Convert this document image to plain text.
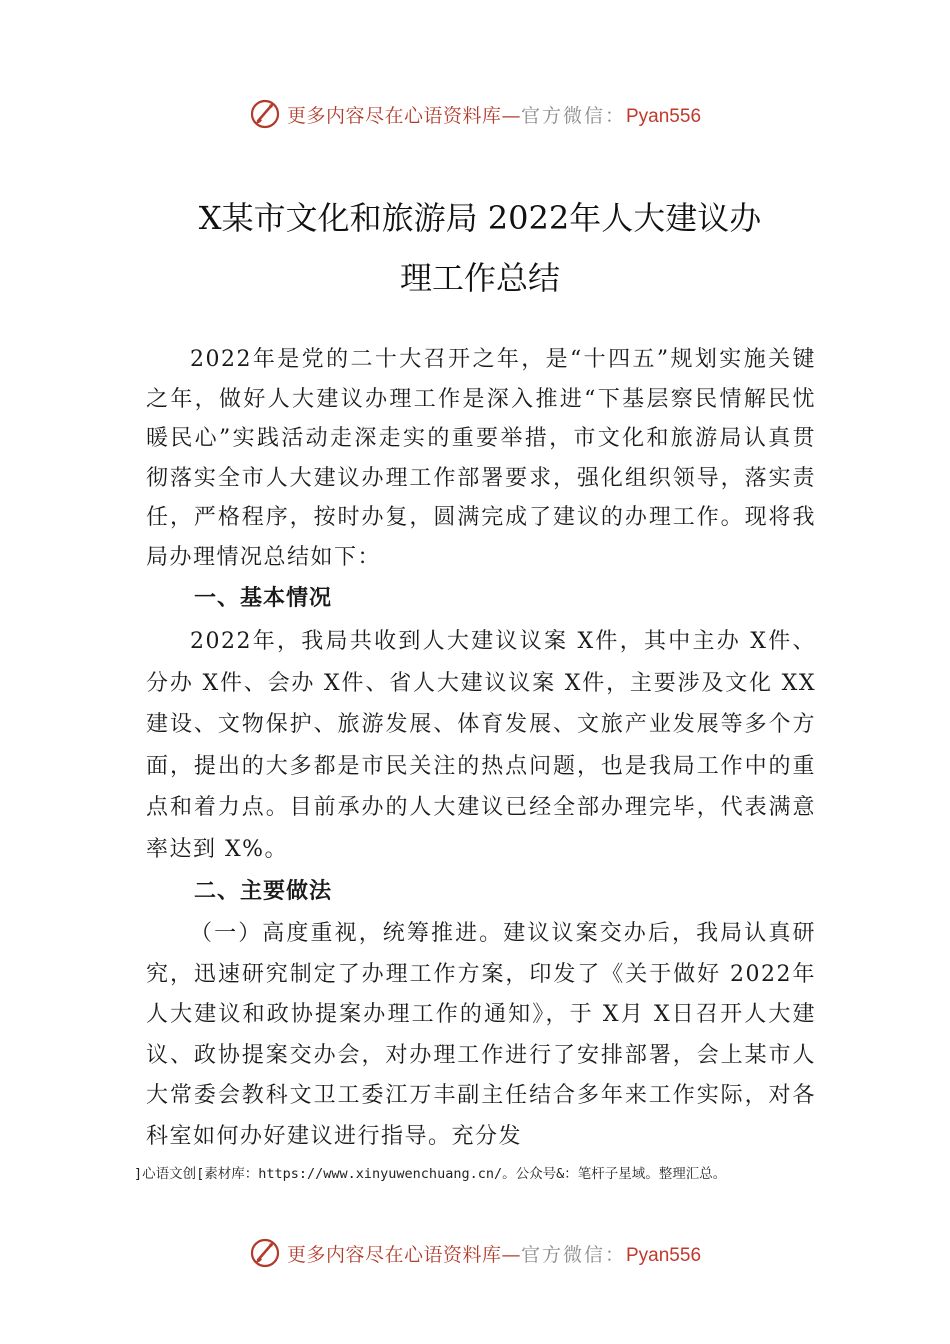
更多内容尽在心语资料库—官方微信：Pyan556
X某市文化和旅游局 2022年人大建议办
理工作总结

2022年是党的二十大召开之年，是“十四五”规划实施关键之年，做好人大建议办理工作是深入推进“下基层察民情解民忧暖民心”实践活动走深走实的重要举措，市文化和旅游局认真贯彻落实全市人大建议办理工作部署要求，强化组织领导，落实责任，严格程序，按时办复，圆满完成了建议的办理工作。现将我局办理情况总结如下：

一、基本情况

2022年，我局共收到人大建议议案 X件，其中主办 X件、分办 X件、会办 X件、省人大建议议案 X件，主要涉及文化 XX建设、文物保护、旅游发展、体育发展、文旅产业发展等多个方面，提出的大多都是市民关注的热点问题，也是我局工作中的重点和着力点。目前承办的人大建议已经全部办理完毕，代表满意率达到 X%。

二、主要做法

（一）高度重视，统筹推进。建议议案交办后，我局认真研究，迅速研究制定了办理工作方案，印发了《关于做好 2022年人大建议和政协提案办理工作的通知》，于 X月 X日召开人大建议、政协提案交办会，对办理工作进行了安排部署，会上某市人大常委会教科文卫工委江万丰副主任结合多年来工作实际，对各科室如何办好建议进行指导。充分发

]心语文创[素材库：https://www.xinyuwenchuang.cn/。公众号&：笔杆子星域。整理汇总。
更多内容尽在心语资料库—官方微信：Pyan556
